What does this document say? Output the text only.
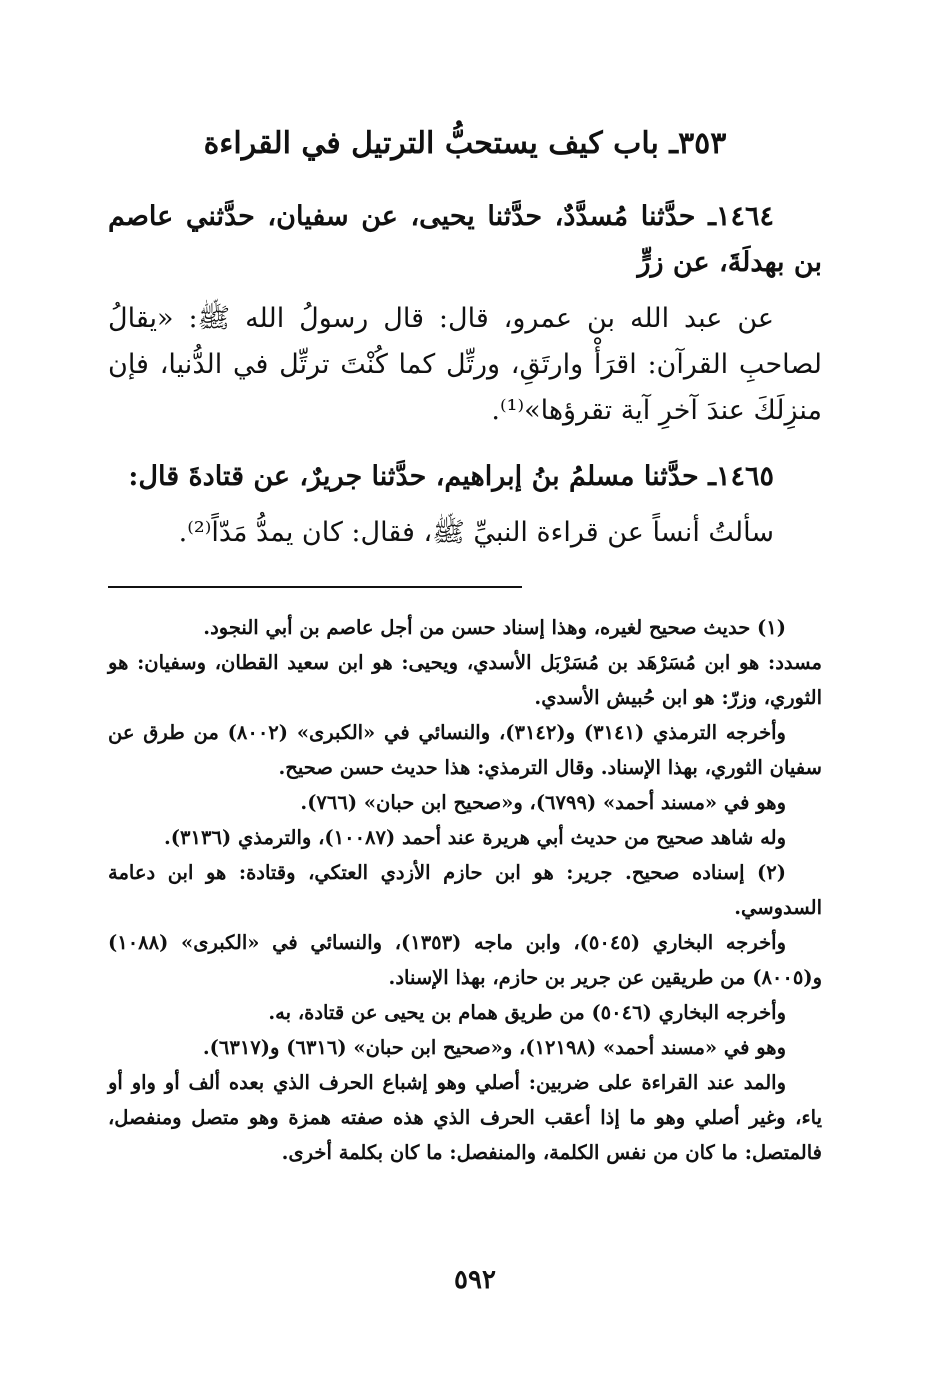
٣٥٣ـ باب كيف يستحبُّ الترتيل في القراءة

١٤٦٤ـ حدَّثنا مُسدَّدٌ، حدَّثنا يحيى، عن سفيان، حدَّثني عاصم بن بهدلَةَ، عن زرٍّ

عن عبد الله بن عمرو، قال: قال رسولُ الله ﷺ: «يقالُ لصاحبِ القرآن: اقرَأْ وارتَقِ، ورتِّل كما كُنْتَ ترتِّل في الدُّنيا، فإن منزِلَكَ عندَ آخرِ آية تقرؤها»⁽¹⁾.

١٤٦٥ـ حدَّثنا مسلمُ بنُ إبراهيم، حدَّثنا جريرٌ، عن قتادةَ قال:

سألتُ أنساً عن قراءة النبيِّ ﷺ، فقال: كان يمدُّ مَدّاً⁽²⁾.

(١) حديث صحيح لغيره، وهذا إسناد حسن من أجل عاصم بن أبي النجود.

مسدد: هو ابن مُسَرْهَد بن مُسَرْبَل الأسدي، ويحيى: هو ابن سعيد القطان، وسفيان: هو الثوري، وزرّ: هو ابن حُبيش الأسدي.

وأخرجه الترمذي (٣١٤١) و(٣١٤٢)، والنسائي في «الكبرى» (٨٠٠٢) من طرق عن سفيان الثوري، بهذا الإسناد. وقال الترمذي: هذا حديث حسن صحيح.

وهو في «مسند أحمد» (٦٧٩٩)، و«صحيح ابن حبان» (٧٦٦).

وله شاهد صحيح من حديث أبي هريرة عند أحمد (١٠٠٨٧)، والترمذي (٣١٣٦).

(٢) إسناده صحيح. جرير: هو ابن حازم الأزدي العتكي، وقتادة: هو ابن دعامة السدوسي.

وأخرجه البخاري (٥٠٤٥)، وابن ماجه (١٣٥٣)، والنسائي في «الكبرى» (١٠٨٨) و(٨٠٠٥) من طريقين عن جرير بن حازم، بهذا الإسناد.

وأخرجه البخاري (٥٠٤٦) من طريق همام بن يحيى عن قتادة، به.

وهو في «مسند أحمد» (١٢١٩٨)، و«صحيح ابن حبان» (٦٣١٦) و(٦٣١٧).

والمد عند القراءة على ضربين: أصلي وهو إشباع الحرف الذي بعده ألف أو واو أو ياء، وغير أصلي وهو ما إذا أعقب الحرف الذي هذه صفته همزة وهو متصل ومنفصل، فالمتصل: ما كان من نفس الكلمة، والمنفصل: ما كان بكلمة أخرى.

٥٩٢
